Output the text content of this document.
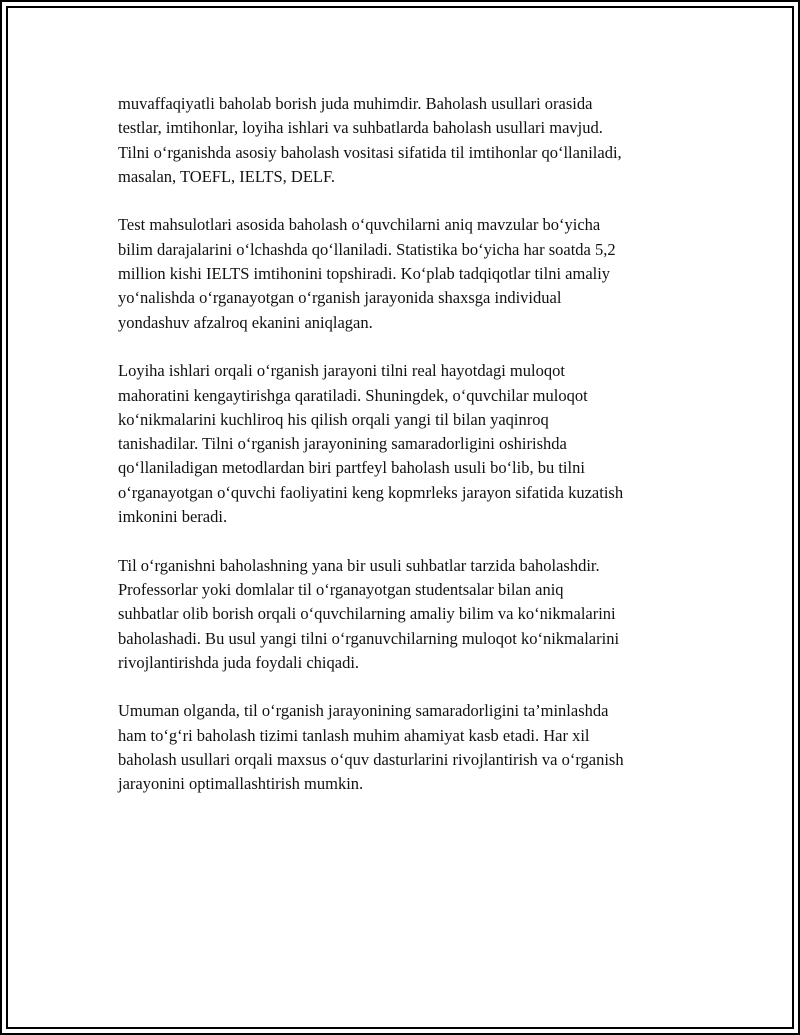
muvaffaqiyatli baholab borish juda muhimdir. Baholash usullari orasida
testlar, imtihonlar, loyiha ishlari va suhbatlarda baholash usullari mavjud.
Tilni o‘rganishda asosiy baholash vositasi sifatida til imtihonlar qo‘llaniladi,
masalan, TOEFL, IELTS, DELF.

Test mahsulotlari asosida baholash o‘quvchilarni aniq mavzular bo‘yicha
bilim darajalarini o‘lchashda qo‘llaniladi. Statistika bo‘yicha har soatda 5,2
million kishi IELTS imtihonini topshiradi. Ko‘plab tadqiqotlar tilni amaliy
yo‘nalishda o‘rganayotgan o‘rganish jarayonida shaxsga individual
yondashuv afzalroq ekanini aniqlagan.

Loyiha ishlari orqali o‘rganish jarayoni tilni real hayotdagi muloqot
mahoratini kengaytirishga qaratiladi. Shuningdek, o‘quvchilar muloqot
ko‘nikmalarini kuchliroq his qilish orqali yangi til bilan yaqinroq
tanishadilar. Tilni o‘rganish jarayonining samaradorligini oshirishda
qo‘llaniladigan metodlardan biri partfeyl baholash usuli bo‘lib, bu tilni
o‘rganayotgan o‘quvchi faoliyatini keng kopmrleks jarayon sifatida kuzatish
imkonini beradi.

Til o‘rganishni baholashning yana bir usuli suhbatlar tarzida baholashdir.
Professorlar yoki domlalar til o‘rganayotgan studentsalar bilan aniq
suhbatlar olib borish orqali o‘quvchilarning amaliy bilim va ko‘nikmalarini
baholashadi. Bu usul yangi tilni o‘rganuvchilarning muloqot ko‘nikmalarini
rivojlantirishda juda foydali chiqadi.

Umuman olganda, til o‘rganish jarayonining samaradorligini ta’minlashda
ham to‘g‘ri baholash tizimi tanlash muhim ahamiyat kasb etadi. Har xil
baholash usullari orqali maxsus o‘quv dasturlarini rivojlantirish va o‘rganish
jarayonini optimallashtirish mumkin.
